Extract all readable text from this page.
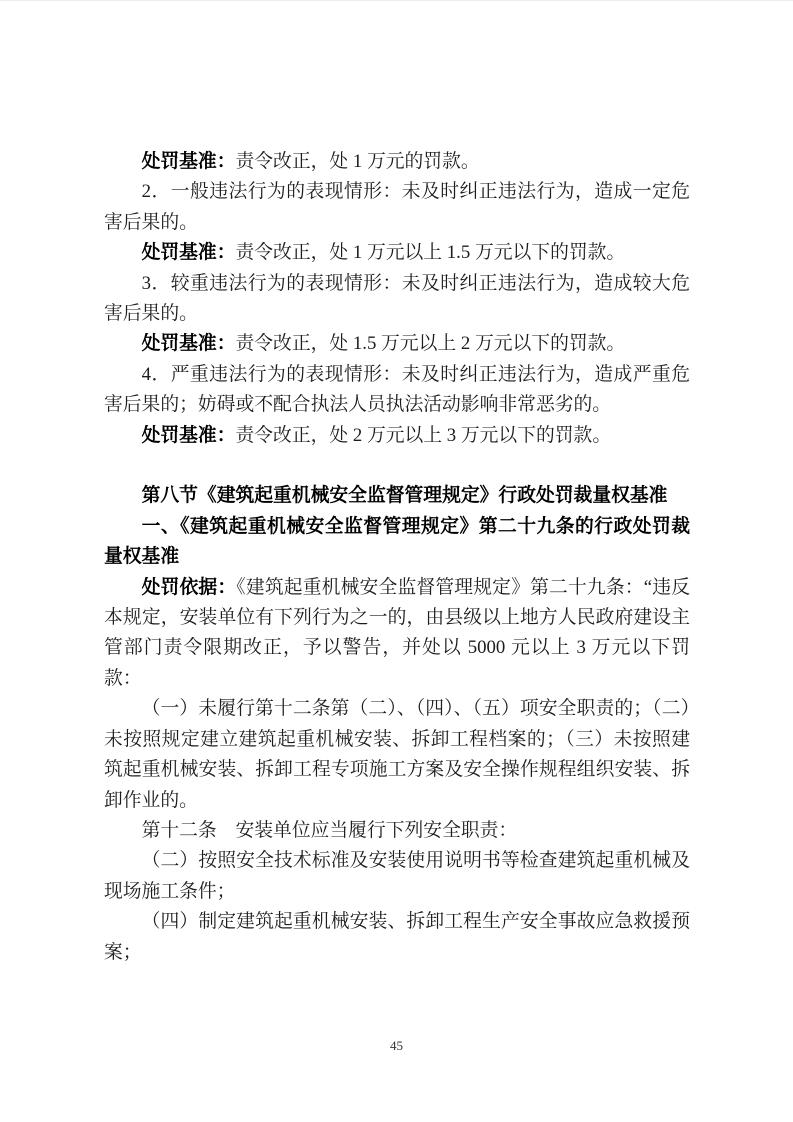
处罚基准：责令改正，处 1 万元的罚款。

2．一般违法行为的表现情形：未及时纠正违法行为，造成一定危害后果的。

处罚基准：责令改正，处 1 万元以上 1.5 万元以下的罚款。

3．较重违法行为的表现情形：未及时纠正违法行为，造成较大危害后果的。

处罚基准：责令改正，处 1.5 万元以上 2 万元以下的罚款。

4．严重违法行为的表现情形：未及时纠正违法行为，造成严重危害后果的；妨碍或不配合执法人员执法活动影响非常恶劣的。

处罚基准：责令改正，处 2 万元以上 3 万元以下的罚款。

第八节《建筑起重机械安全监督管理规定》行政处罚裁量权基准
一、《建筑起重机械安全监督管理规定》第二十九条的行政处罚裁量权基准

处罚依据：《建筑起重机械安全监督管理规定》第二十九条：“违反本规定，安装单位有下列行为之一的，由县级以上地方人民政府建设主管部门责令限期改正，予以警告，并处以 5000 元以上 3 万元以下罚款：

（一）未履行第十二条第（二）、（四）、（五）项安全职责的；（二）未按照规定建立建筑起重机械安装、拆卸工程档案的；（三）未按照建筑起重机械安装、拆卸工程专项施工方案及安全操作规程组织安装、拆卸作业的。

第十二条　安装单位应当履行下列安全职责：

（二）按照安全技术标准及安装使用说明书等检查建筑起重机械及现场施工条件；

（四）制定建筑起重机械安装、拆卸工程生产安全事故应急救援预案；

45
